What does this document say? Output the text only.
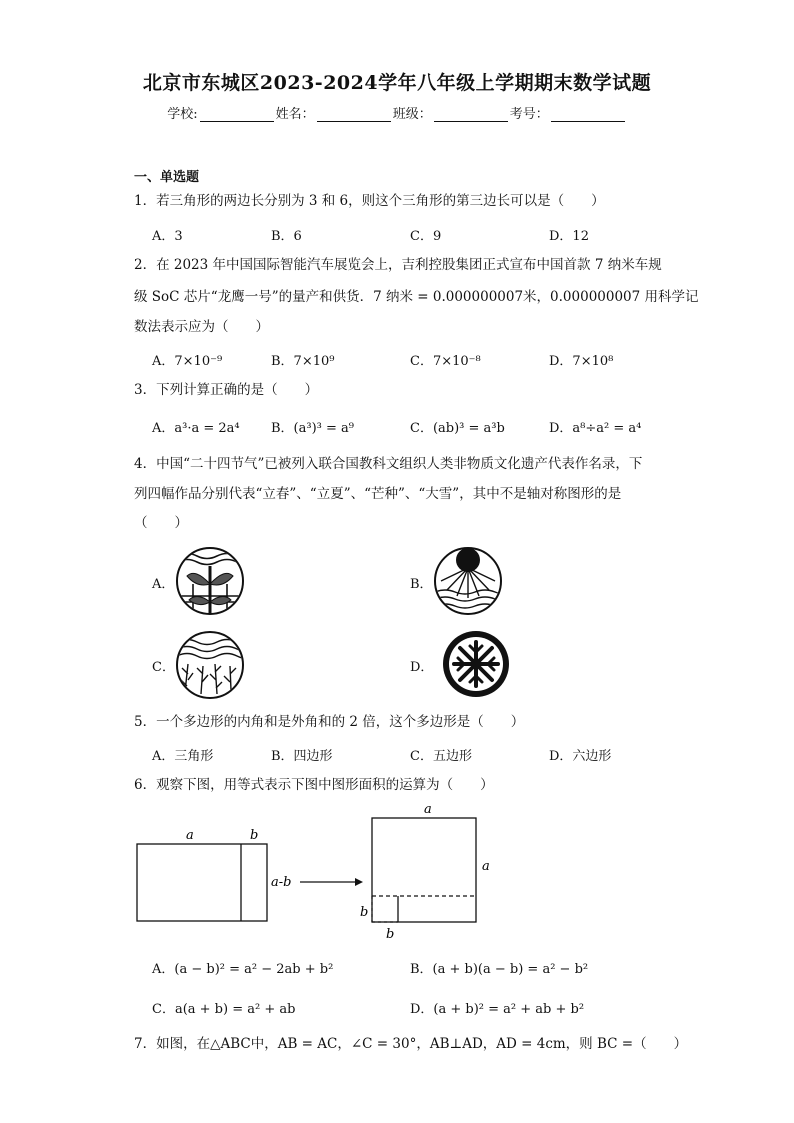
北京市东城区2023-2024学年八年级上学期期末数学试题
学校:	姓名：	班级：	考号：
一、单选题
1．若三角形的两边长分别为 3 和 6，则这个三角形的第三边长可以是（　　）
A．3	B．6	C．9	D．12
2．在 2023 年中国国际智能汽车展览会上，吉利控股集团正式宣布中国首款 7 纳米车规
级 SoC 芯片“龙鹰一号”的量产和供货．7 纳米 = 0.000000007米，0.000000007 用科学记
数法表示应为（　　）
A．7×10⁻⁹	B．7×10⁹	C．7×10⁻⁸	D．7×10⁸
3．下列计算正确的是（　　）
A．a³·a = 2a⁴ B．(a³)³ = a⁹	C．(ab)³ = a³b	D．a⁸÷a² = a⁴
4．中国“二十四节气”已被列入联合国教科文组织人类非物质文化遗产代表作名录，下
列四幅作品分别代表“立春”、“立夏”、“芒种”、“大雪”，其中不是轴对称图形的是
（　　）
A．	B．
C．	D．
5．一个多边形的内角和是外角和的 2 倍，这个多边形是（　　）
A．三角形	B．四边形	C．五边形	D．六边形
6．观察下图，用等式表示下图中图形面积的运算为（　　）
a	b
a-b
a
a
b
b
A．(a − b)² = a² − 2ab + b²	B．(a + b)(a − b) = a² − b²
C．a(a + b) = a² + ab	D．(a + b)² = a² + ab + b²
7．如图，在△ABC中，AB = AC，∠C = 30°，AB⊥AD，AD = 4cm，则 BC =（　　）
